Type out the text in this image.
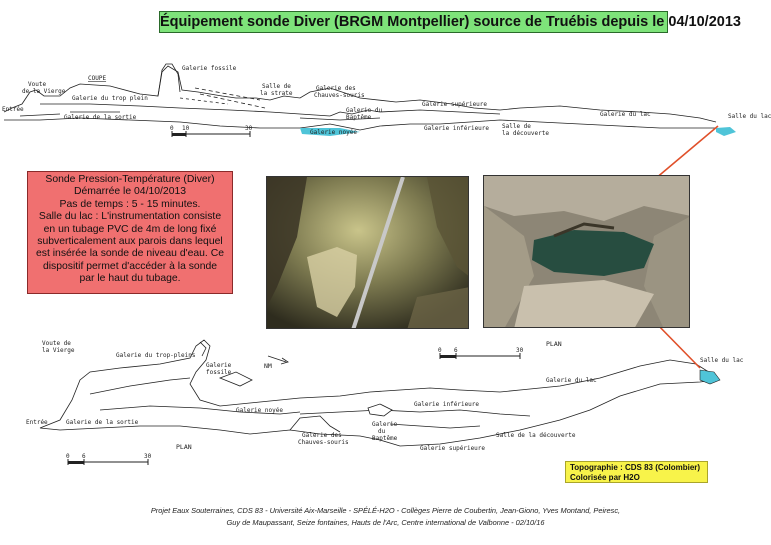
Équipement sonde Diver (BRGM Montpellier) source de Truébis depuis le 04/10/2013
COUPE
Voute
de la Vierge
Entrée
Galerie du trop plein
Galerie de la sortie
Galerie fossile
Salle de
la strate
Galerie des
Chauves-souris
Galerie du
Baptême
Galerie noyée
Galerie supérieure
Galerie inférieure Salle de
la découverte
Galerie du lac	Salle du lac
0 10	30
Voute de
la Vierge
Galerie du trop-pleins
Galerie
fossile
Entrée	Galerie de la sortie
Galerie noyée
Galerie inférieure
Galerie
du
Baptême
Galerie des
Chauves-souris
Galerie supérieure
Salle de la découverte
Galerie du lac
Salle du lac
PLAN
PLAN
NM
0 6	30
0 6	30
Sonde Pression-Température (Diver)
Démarrée le 04/10/2013
Pas de temps : 5 - 15 minutes.
Salle du lac : L'instrumentation consiste
en un tubage PVC de 4m de long fixé
subverticalement aux parois dans lequel
est insérée la sonde de niveau d'eau. Ce
dispositif permet d'accéder à la sonde
par le haut du tubage.
Topographie : CDS 83 (Colombier)
Colorisée par H2O
Projet Eaux Souterraines, CDS 83 - Université Aix-Marseille - SPÉLÉ-H2O - Collèges Pierre de Coubertin, Jean-Giono, Yves Montand, Peiresc,
Guy de Maupassant, Seize fontaines, Hauts de l'Arc, Centre international de Valbonne - 02/10/16
